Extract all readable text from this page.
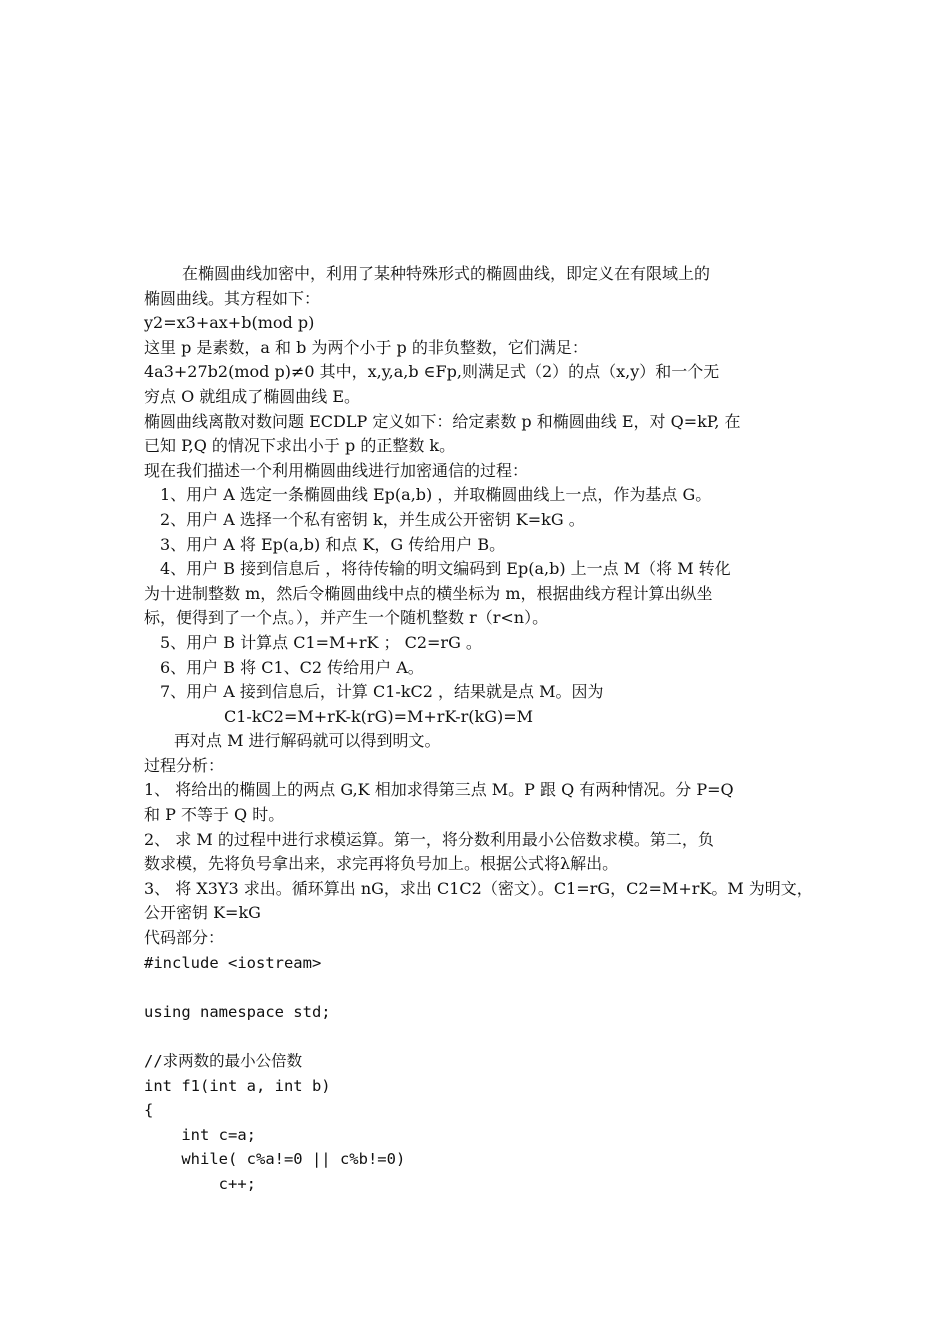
在椭圆曲线加密中，利用了某种特殊形式的椭圆曲线，即定义在有限域上的
椭圆曲线。其方程如下：
y2=x3+ax+b(mod p)
这里 p 是素数，a 和 b 为两个小于 p 的非负整数，它们满足：
4a3+27b2(mod p)≠0 其中，x,y,a,b ∈Fp,则满足式（2）的点（x,y）和一个无
穷点 O 就组成了椭圆曲线 E。
椭圆曲线离散对数问题 ECDLP 定义如下：给定素数 p 和椭圆曲线 E，对 Q=kP, 在
已知 P,Q 的情况下求出小于 p 的正整数 k。
现在我们描述一个利用椭圆曲线进行加密通信的过程：
1、用户 A 选定一条椭圆曲线 Ep(a,b) ，并取椭圆曲线上一点，作为基点 G。
2、用户 A 选择一个私有密钥 k，并生成公开密钥 K=kG 。
3、用户 A 将 Ep(a,b) 和点 K，G 传给用户 B。
4、用户 B 接到信息后 ，将待传输的明文编码到 Ep(a,b) 上一点 M（将 M 转化
为十进制整数 m，然后令椭圆曲线中点的横坐标为 m，根据曲线方程计算出纵坐
标，便得到了一个点。），并产生一个随机整数 r（r<n）。
5、用户 B 计算点 C1=M+rK ； C2=rG 。
6、用户 B 将 C1、C2 传给用户 A。
7、用户 A 接到信息后，计算 C1-kC2 ，结果就是点 M。因为
C1-kC2=M+rK-k(rG)=M+rK-r(kG)=M
再对点 M 进行解码就可以得到明文。
过程分析：
1、 将给出的椭圆上的两点 G,K 相加求得第三点 M。P 跟 Q 有两种情况。分 P=Q
和 P 不等于 Q 时。
2、 求 M 的过程中进行求模运算。第一，将分数利用最小公倍数求模。第二，负
数求模，先将负号拿出来，求完再将负号加上。根据公式将λ解出。
3、 将 X3Y3 求出。循环算出 nG，求出 C1C2（密文）。C1=rG，C2=M+rK。M 为明文，
公开密钥 K=kG
代码部分：
#include <iostream>
using namespace std;
//求两数的最小公倍数
int f1(int a, int b)
{
int c=a;
while( c%a!=0 || c%b!=0)
c++;
